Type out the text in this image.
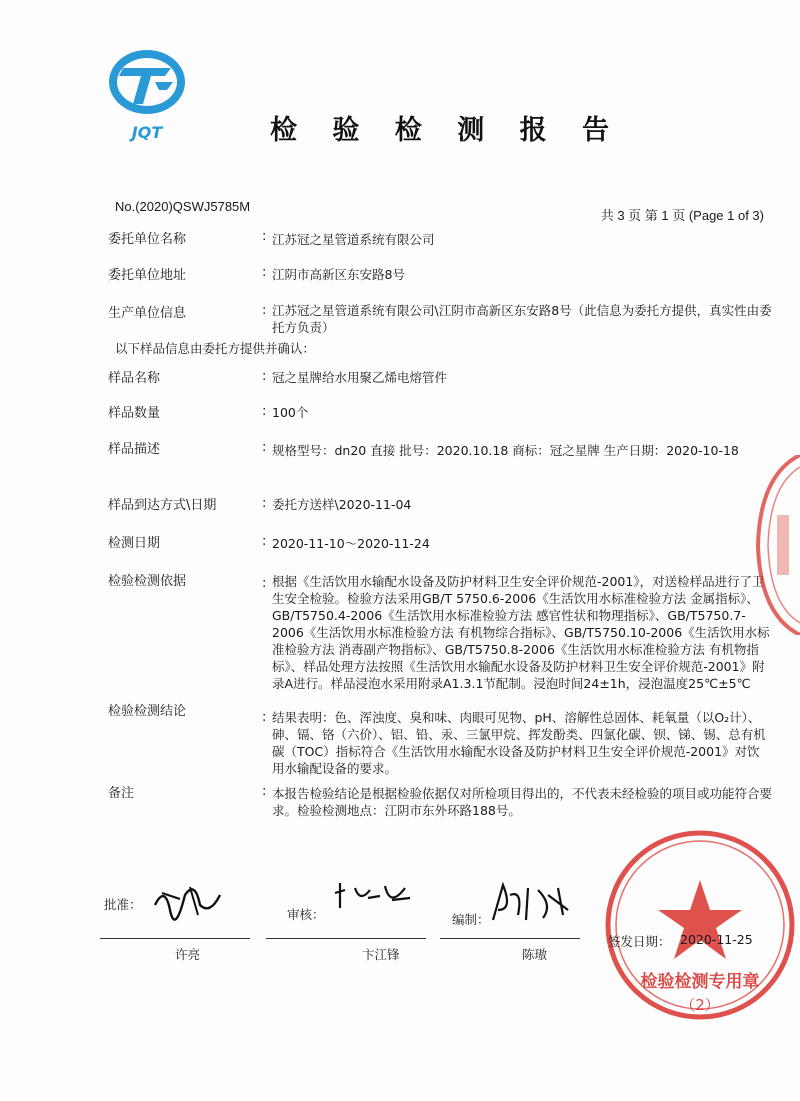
JQT	检 验 检 测 报 告
No.(2020)QSWJ5785M
共 3 页 第 1 页 (Page 1 of 3)
委托单位名称	: 江苏冠之星管道系统有限公司
委托单位地址	: 江阴市高新区东安路8号
生产单位信息	: 江苏冠之星管道系统有限公司\江阴市高新区东安路8号（此信息为委托方提供，真实性由委托方负责）
以下样品信息由委托方提供并确认：
样品名称	: 冠之星牌给水用聚乙烯电熔管件
样品数量	: 100个
样品描述	: 规格型号：dn20 直接 批号：2020.10.18 商标：冠之星牌 生产日期：2020-10-18
样品到达方式\日期	: 委托方送样\2020-11-04
检测日期	: 2020-11-10～2020-11-24
检验检测依据	: 根据《生活饮用水输配水设备及防护材料卫生安全评价规范-2001》，对送检样品进行了卫生安全检验。检验方法采用GB/T 5750.6-2006《生活饮用水标准检验方法 金属指标》、GB/T5750.4-2006《生活饮用水标准检验方法 感官性状和物理指标》、GB/T5750.7-2006《生活饮用水标准检验方法 有机物综合指标》、GB/T5750.10-2006《生活饮用水标准检验方法 消毒副产物指标》、GB/T5750.8-2006《生活饮用水标准检验方法 有机物指标》、样品处理方法按照《生活饮用水输配水设备及防护材料卫生安全评价规范-2001》附录A进行。样品浸泡水采用附录A1.3.1节配制。浸泡时间24±1h，浸泡温度25℃±5℃
检验检测结论	: 结果表明：色、浑浊度、臭和味、肉眼可见物、pH、溶解性总固体、耗氧量（以O₂计）、砷、镉、铬（六价）、铝、铅、汞、三氯甲烷、挥发酚类、四氯化碳、钡、锑、锡、总有机碳（TOC）指标符合《生活饮用水输配水设备及防护材料卫生安全评价规范-2001》对饮用水输配设备的要求。
备注	: 本报告检验结论是根据检验依据仅对所检项目得出的，不代表未经检验的项目或功能符合要求。检验检测地点：江阴市东外环路188号。
批准：
许亮
审核：
卞江锋
编制：
陈璈
检验检测专用章
（2）
签发日期： 2020-11-25
